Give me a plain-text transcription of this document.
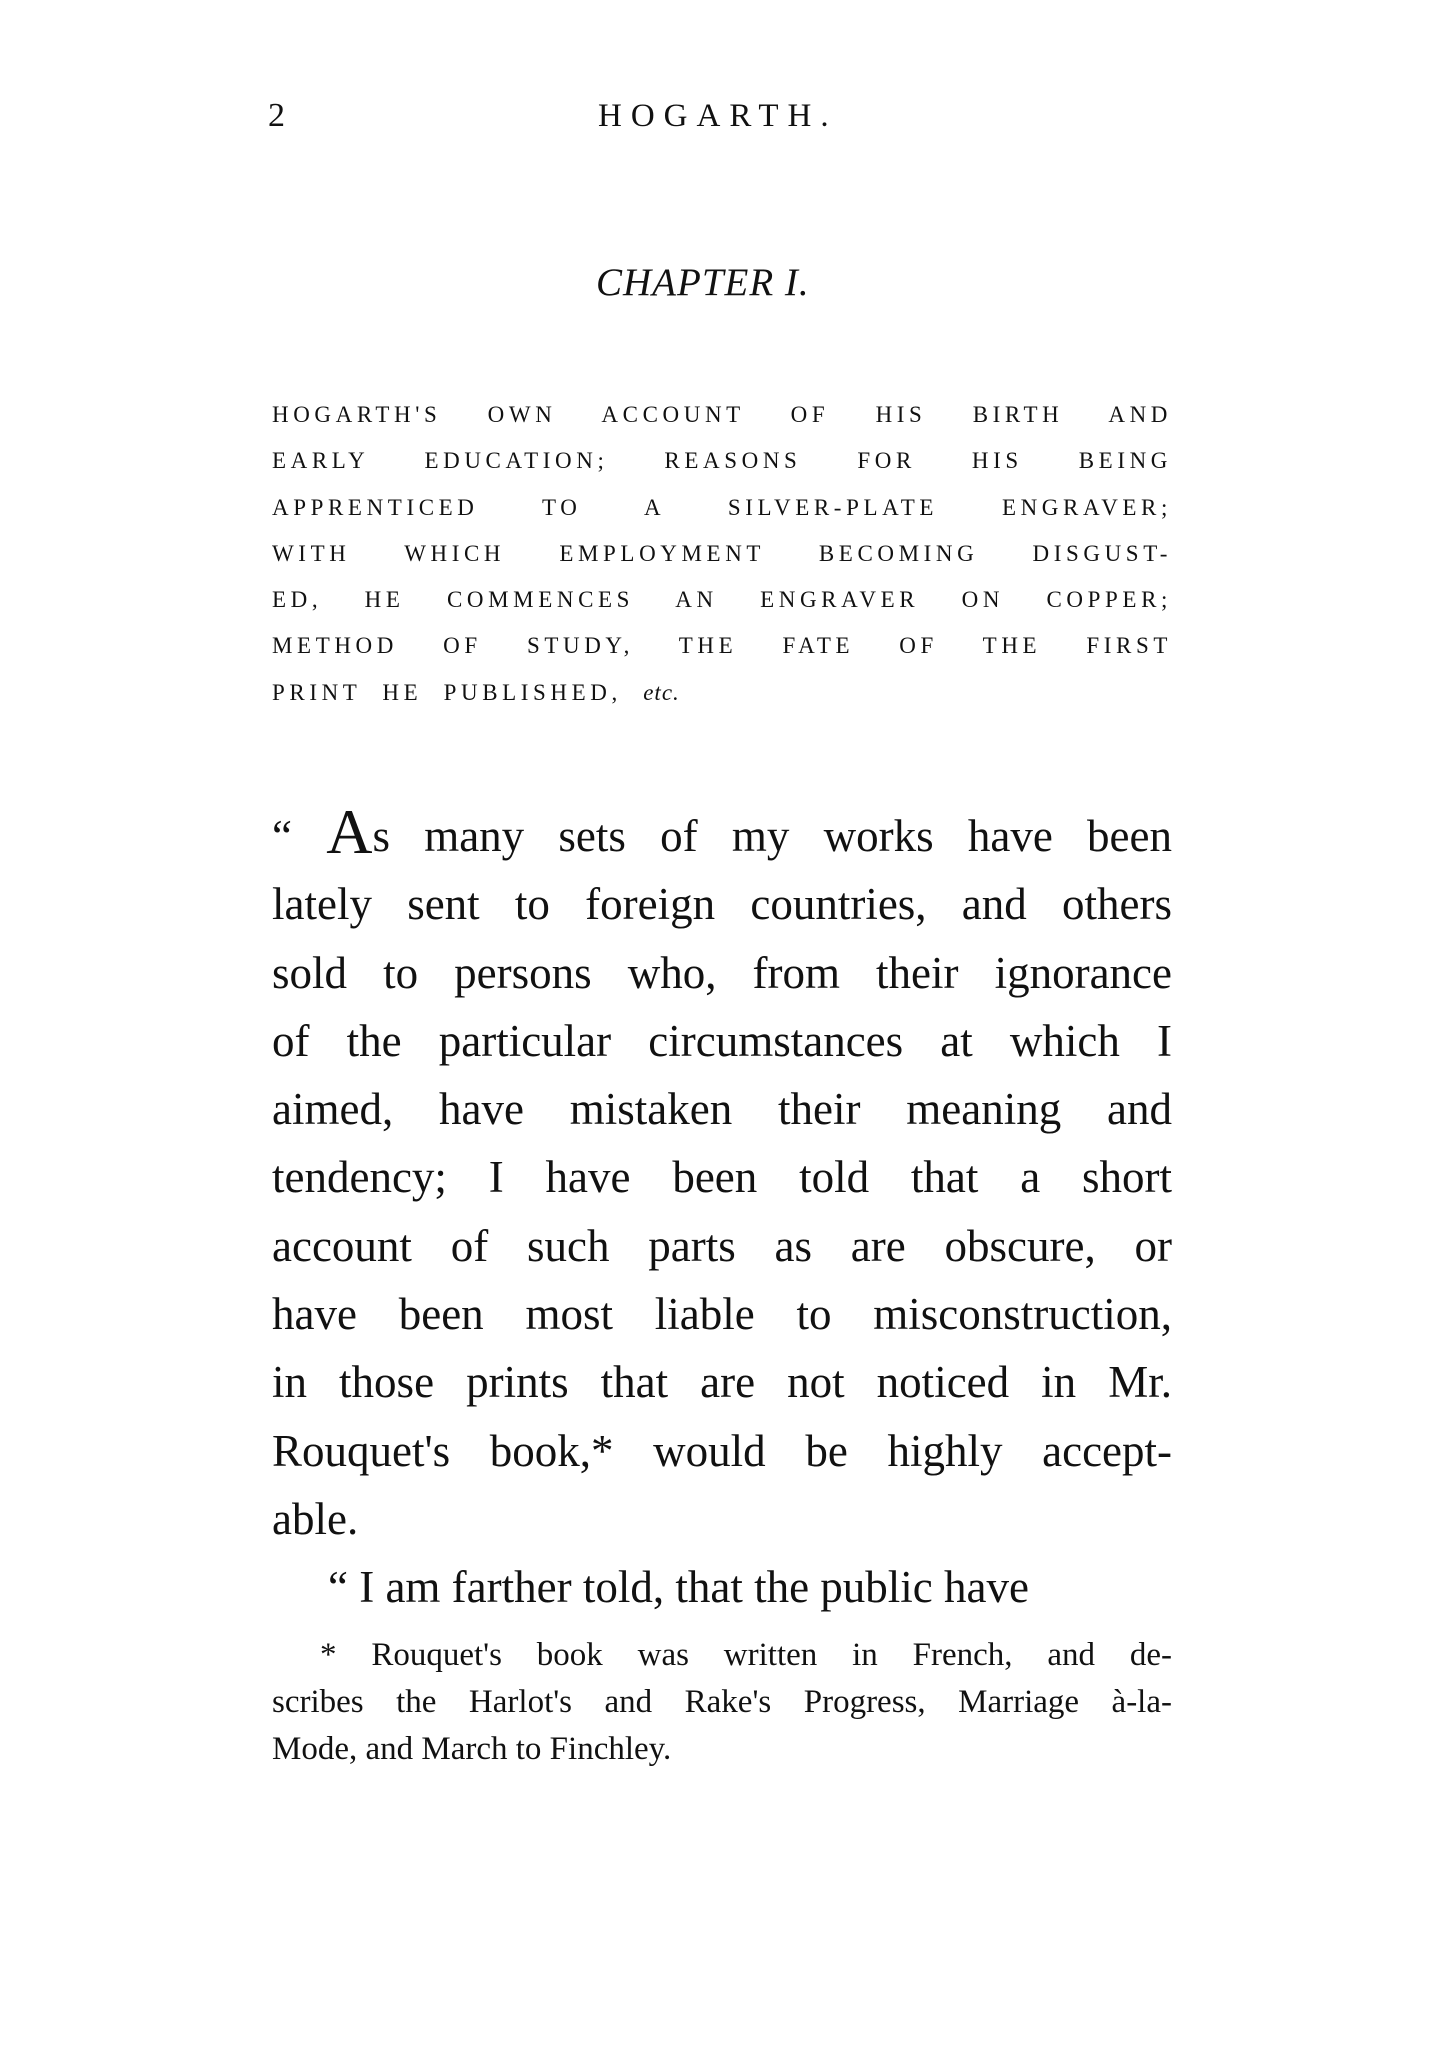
2	HOGARTH.
CHAPTER I.
HOGARTH'S OWN ACCOUNT OF HIS BIRTH AND
EARLY EDUCATION; REASONS FOR HIS BEING
APPRENTICED TO A SILVER-PLATE ENGRAVER;
WITH WHICH EMPLOYMENT BECOMING DISGUST-
ED, HE COMMENCES AN ENGRAVER ON COPPER;
METHOD OF STUDY, THE FATE OF THE FIRST
PRINT HE PUBLISHED, etc.
“ As many sets of my works have been
lately sent to foreign countries, and others
sold to persons who, from their ignorance
of the particular circumstances at which I
aimed, have mistaken their meaning and
tendency; I have been told that a short
account of such parts as are obscure, or
have been most liable to misconstruction,
in those prints that are not noticed in Mr.
Rouquet's book,* would be highly accept-
able.
“ I am farther told, that the public have
* Rouquet's book was written in French, and de-
scribes the Harlot's and Rake's Progress, Marriage à-la-
Mode, and March to Finchley.
